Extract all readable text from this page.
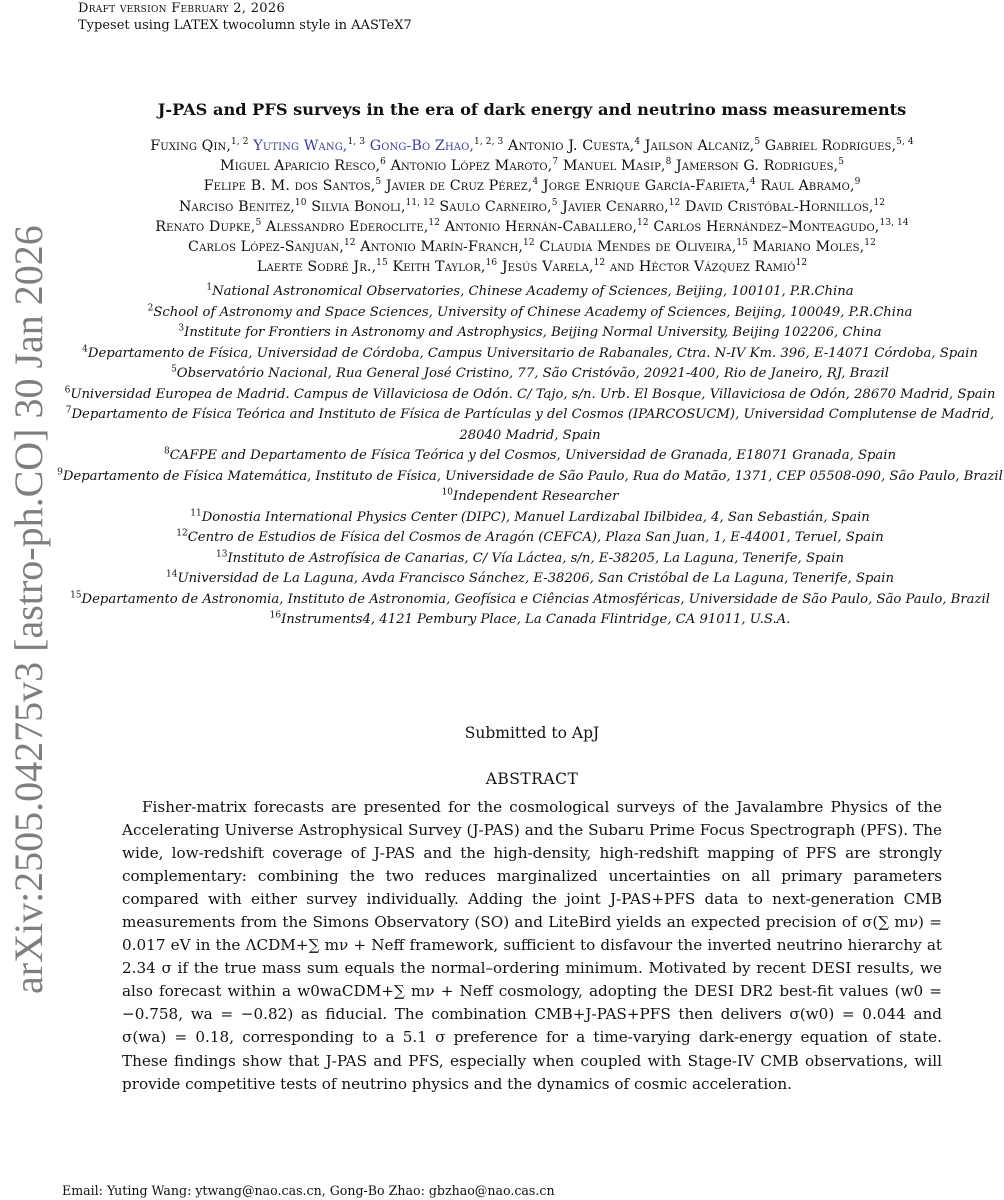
Draft version February 2, 2026
Typeset using LATEX twocolumn style in AASTeX7
arXiv:2505.04275v3 [astro-ph.CO] 30 Jan 2026
J-PAS and PFS surveys in the era of dark energy and neutrino mass measurements
Fuxing Qin,$^{1, 2}$ Yuting Wang,$^{1, 3}$ Gong-Bo Zhao,$^{1, 2, 3}$ Antonio J. Cuesta,$^4$ Jailson Alcaniz,$^5$ Gabriel Rodrigues,$^{5, 4}$
Miguel Aparicio Resco,$^6$ Antonio López Maroto,$^7$ Manuel Masip,$^8$ Jamerson G. Rodrigues,$^5$
Felipe B. M. dos Santos,$^5$ Javier de Cruz Pérez,$^4$ Jorge Enrique García-Farieta,$^4$ Raul Abramo,$^9$
Narciso Benitez,$^{10}$ Silvia Bonoli,$^{11, 12}$ Saulo Carneiro,$^5$ Javier Cenarro,$^{12}$ David Cristóbal-Hornillos,$^{12}$
Renato Dupke,$^5$ Alessandro Ederoclite,$^{12}$ Antonio Hernán-Caballero,$^{12}$ Carlos Hernández–Monteagudo,$^{13, 14}$
Carlos López-Sanjuan,$^{12}$ Antonio Marín-Franch,$^{12}$ Claudia Mendes de Oliveira,$^{15}$ Mariano Moles,$^{12}$
Laerte Sodré Jr.,$^{15}$ Keith Taylor,$^{16}$ Jesús Varela,$^{12}$ and Héctor Vázquez Ramió$^{12}$

$^1$National Astronomical Observatories, Chinese Academy of Sciences, Beijing, 100101, P.R.China

$^2$School of Astronomy and Space Sciences, University of Chinese Academy of Sciences, Beijing, 100049, P.R.China

$^3$Institute for Frontiers in Astronomy and Astrophysics, Beijing Normal University, Beijing 102206, China

$^4$Departamento de Física, Universidad de Córdoba, Campus Universitario de Rabanales, Ctra. N-IV Km. 396, E-14071 Córdoba, Spain

$^5$Observatório Nacional, Rua General José Cristino, 77, São Cristóvão, 20921-400, Rio de Janeiro, RJ, Brazil

$^6$Universidad Europea de Madrid. Campus de Villaviciosa de Odón. C/ Tajo, s/n. Urb. El Bosque, Villaviciosa de Odón, 28670 Madrid, Spain

$^7$Departamento de Física Teórica and Instituto de Física de Partículas y del Cosmos (IPARCOSUCM), Universidad Complutense de Madrid, 28040 Madrid, Spain

$^8$CAFPE and Departamento de Física Teórica y del Cosmos, Universidad de Granada, E18071 Granada, Spain

$^9$Departamento de Física Matemática, Instituto de Física, Universidade de São Paulo, Rua do Matão, 1371, CEP 05508-090, São Paulo, Brazil

$^{10}$Independent Researcher

$^{11}$Donostia International Physics Center (DIPC), Manuel Lardizabal Ibilbidea, 4, San Sebastián, Spain

$^{12}$Centro de Estudios de Física del Cosmos de Aragón (CEFCA), Plaza San Juan, 1, E-44001, Teruel, Spain

$^{13}$Instituto de Astrofísica de Canarias, C/ Vía Láctea, s/n, E-38205, La Laguna, Tenerife, Spain

$^{14}$Universidad de La Laguna, Avda Francisco Sánchez, E-38206, San Cristóbal de La Laguna, Tenerife, Spain

$^{15}$Departamento de Astronomia, Instituto de Astronomia, Geofísica e Ciências Atmosféricas, Universidade de São Paulo, São Paulo, Brazil

$^{16}$Instruments4, 4121 Pembury Place, La Canada Flintridge, CA 91011, U.S.A.

Submitted to ApJ
ABSTRACT
Fisher-matrix forecasts are presented for the cosmological surveys of the Javalambre Physics of the Accelerating Universe Astrophysical Survey (J-PAS) and the Subaru Prime Focus Spectrograph (PFS). The wide, low-redshift coverage of J-PAS and the high-density, high-redshift mapping of PFS are strongly complementary: combining the two reduces marginalized uncertainties on all primary parameters compared with either survey individually. Adding the joint J-PAS+PFS data to next-generation CMB measurements from the Simons Observatory (SO) and LiteBird yields an expected precision of σ(∑ mν) = 0.017 eV in the ΛCDM+∑ mν + Neff framework, sufficient to disfavour the inverted neutrino hierarchy at 2.34 σ if the true mass sum equals the normal–ordering minimum. Motivated by recent DESI results, we also forecast within a w0waCDM+∑ mν + Neff cosmology, adopting the DESI DR2 best-fit values (w0 = −0.758, wa = −0.82) as fiducial. The combination CMB+J-PAS+PFS then delivers σ(w0) = 0.044 and σ(wa) = 0.18, corresponding to a 5.1 σ preference for a time-varying dark-energy equation of state. These findings show that J-PAS and PFS, especially when coupled with Stage-IV CMB observations, will provide competitive tests of neutrino physics and the dynamics of cosmic acceleration.
Email: Yuting Wang: ytwang@nao.cas.cn, Gong-Bo Zhao: gbzhao@nao.cas.cn
